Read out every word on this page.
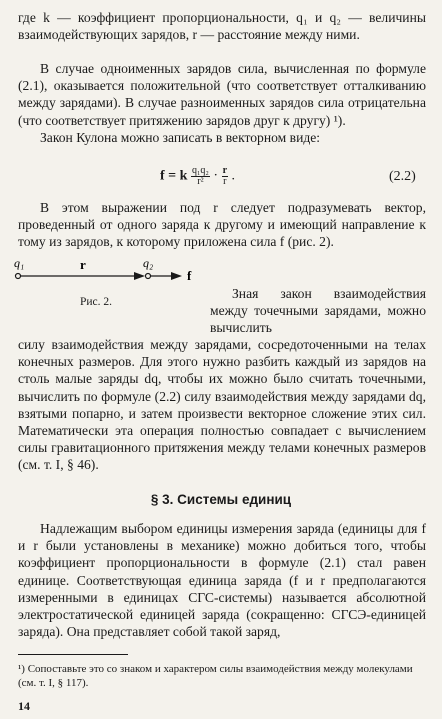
где k — коэффициент пропорциональности, q₁ и q₂ — величины взаимодействующих зарядов, r — расстояние между ними.
В случае одноименных зарядов сила, вычисленная по формуле (2.1), оказывается положительной (что соответствует отталкиванию между зарядами). В случае разноименных зарядов сила отрицательна (что соответствует притяжению зарядов друг к другу) ¹).
Закон Кулона можно записать в векторном виде:
f = k $\frac{\text{q₁q₂}}{\text{r²}} \cdot \frac{r}{r}$ .	(2.2)
В этом выражении под r следует подразумевать вектор, проведенный от одного заряда к другому и имеющий направление к тому из зарядов, к которому приложена сила f (рис. 2).
q₁	r	q₂
f
Рис. 2.
Зная закон взаимодействия между точечными зарядами, можно вычислить
силу взаимодействия между зарядами, сосредоточенными на телах конечных размеров. Для этого нужно разбить каждый из зарядов на столь малые заряды dq, чтобы их можно было считать точечными, вычислить по формуле (2.2) силу взаимодействия между зарядами dq, взятыми попарно, и затем произвести векторное сложение этих сил. Математически эта операция полностью совпадает с вычислением силы гравитационного притяжения между телами конечных размеров (см. т. I, § 46).
§ 3. Системы единиц
Надлежащим выбором единицы измерения заряда (единицы для f и r были установлены в механике) можно добиться того, чтобы коэффициент пропорциональности в формуле (2.1) стал равен единице. Соответствующая единица заряда (f и r предполагаются измеренными в единицах СГС-системы) называется абсолютной электростатической единицей заряда (сокращенно: СГСЭ-единицей заряда). Она представляет собой такой заряд,
¹) Сопоставьте это со знаком и характером силы взаимодействия между молекулами (см. т. I, § 117).
14
